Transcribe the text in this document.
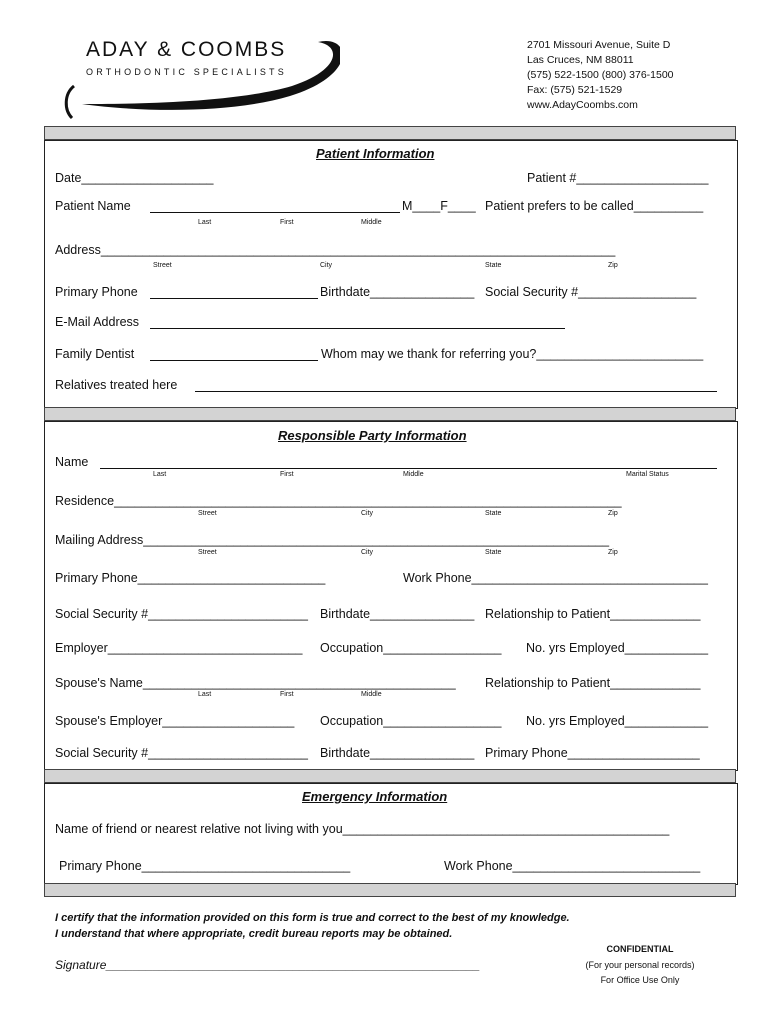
ADAY & COOMBS
ORTHODONTIC SPECIALISTS
2701 Missouri Avenue, Suite D
Las Cruces, NM 88011
(575) 522-1500 (800) 376-1500
Fax: (575) 521-1529
www.AdayCoombs.com
Patient Information
Date___________________	Patient #___________________
Patient Name	M____F____ Patient prefers to be called__________
Last	First	Middle
Address__________________________________________________________________________
Street	City	State	Zip
Primary Phone	Birthdate_______________ Social Security #_________________
E-Mail Address
Family Dentist	Whom may we thank for referring you?________________________
Relatives treated here
Responsible Party Information
Name
Last	First	Middle	Marital Status
Residence_________________________________________________________________________
Street	City	State	Zip
Mailing Address___________________________________________________________________
Street	City	State	Zip
Primary Phone___________________________	Work Phone__________________________________
Social Security #_______________________ Birthdate_______________ Relationship to Patient_____________
Employer____________________________ Occupation_________________ No. yrs Employed____________
Spouse's Name_____________________________________________ Relationship to Patient_____________
Last	First	Middle
Spouse's Employer___________________ Occupation_________________ No. yrs Employed____________
Social Security #_______________________ Birthdate_______________ Primary Phone___________________
Emergency Information
Name of friend or nearest relative not living with you_______________________________________________
Primary Phone______________________________	Work Phone___________________________
I certify that the information provided on this form is true and correct to the best of my knowledge.
I understand that where appropriate, credit bureau reports may be obtained.
Signature________________________________________________________
CONFIDENTIAL
(For your personal records)
For Office Use Only
